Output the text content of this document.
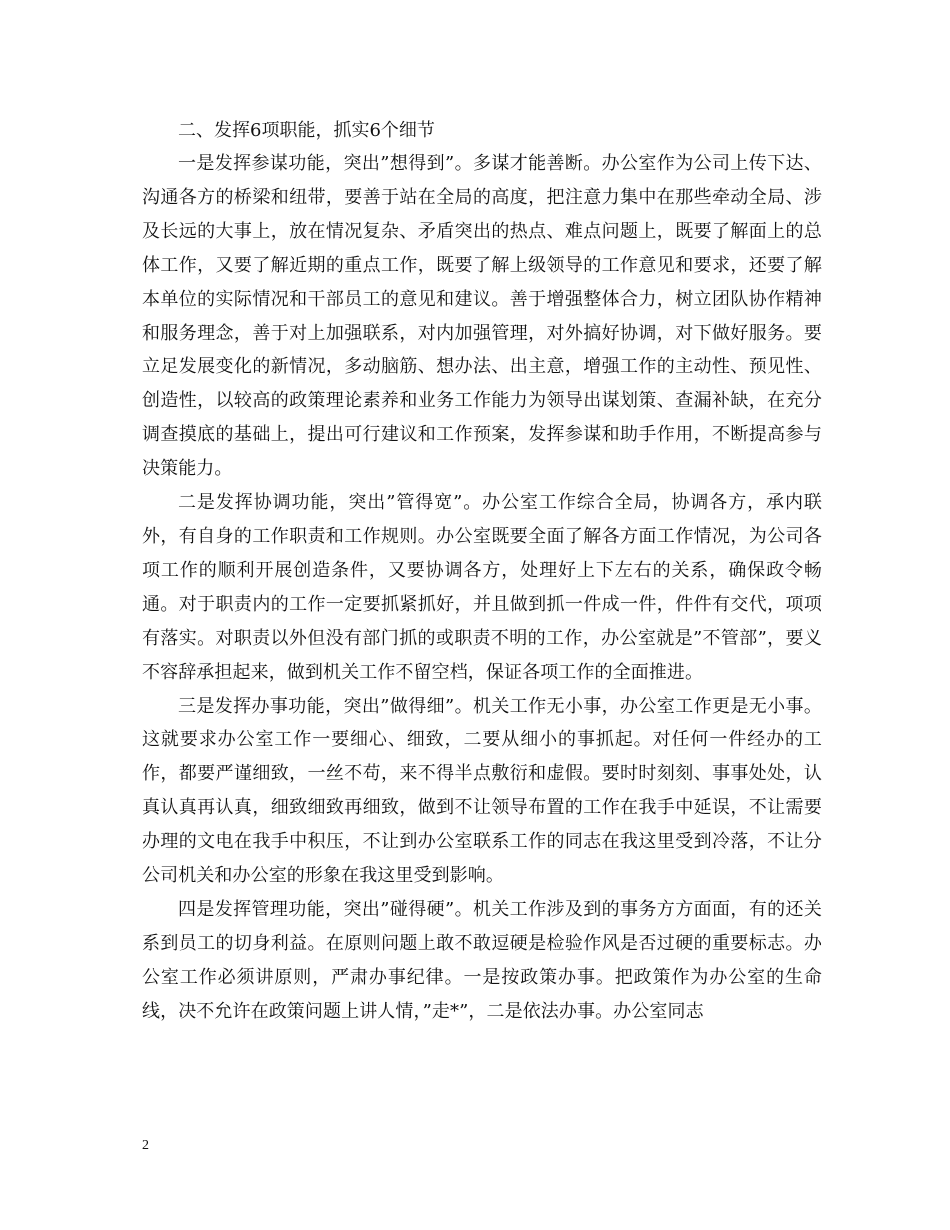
二、发挥6项职能，抓实6个细节

一是发挥参谋功能，突出”想得到”。多谋才能善断。办公室作为公司上传下达、沟通各方的桥梁和纽带，要善于站在全局的高度，把注意力集中在那些牵动全局、涉及长远的大事上，放在情况复杂、矛盾突出的热点、难点问题上，既要了解面上的总体工作，又要了解近期的重点工作，既要了解上级领导的工作意见和要求，还要了解本单位的实际情况和干部员工的意见和建议。善于增强整体合力，树立团队协作精神和服务理念，善于对上加强联系，对内加强管理，对外搞好协调，对下做好服务。要立足发展变化的新情况，多动脑筋、想办法、出主意，增强工作的主动性、预见性、创造性，以较高的政策理论素养和业务工作能力为领导出谋划策、查漏补缺，在充分调查摸底的基础上，提出可行建议和工作预案，发挥参谋和助手作用，不断提高参与决策能力。

二是发挥协调功能，突出”管得宽”。办公室工作综合全局，协调各方，承内联外，有自身的工作职责和工作规则。办公室既要全面了解各方面工作情况，为公司各项工作的顺利开展创造条件，又要协调各方，处理好上下左右的关系，确保政令畅通。对于职责内的工作一定要抓紧抓好，并且做到抓一件成一件，件件有交代，项项有落实。对职责以外但没有部门抓的或职责不明的工作，办公室就是”不管部”，要义不容辞承担起来，做到机关工作不留空档，保证各项工作的全面推进。

三是发挥办事功能，突出”做得细”。机关工作无小事，办公室工作更是无小事。这就要求办公室工作一要细心、细致，二要从细小的事抓起。对任何一件经办的工作，都要严谨细致，一丝不苟，来不得半点敷衍和虚假。要时时刻刻、事事处处，认真认真再认真，细致细致再细致，做到不让领导布置的工作在我手中延误，不让需要办理的文电在我手中积压，不让到办公室联系工作的同志在我这里受到冷落，不让分公司机关和办公室的形象在我这里受到影响。

四是发挥管理功能，突出”碰得硬”。机关工作涉及到的事务方方面面，有的还关系到员工的切身利益。在原则问题上敢不敢逗硬是检验作风是否过硬的重要标志。办公室工作必须讲原则，严肃办事纪律。一是按政策办事。把政策作为办公室的生命线，决不允许在政策问题上讲人情，”走*”，二是依法办事。办公室同志

2
